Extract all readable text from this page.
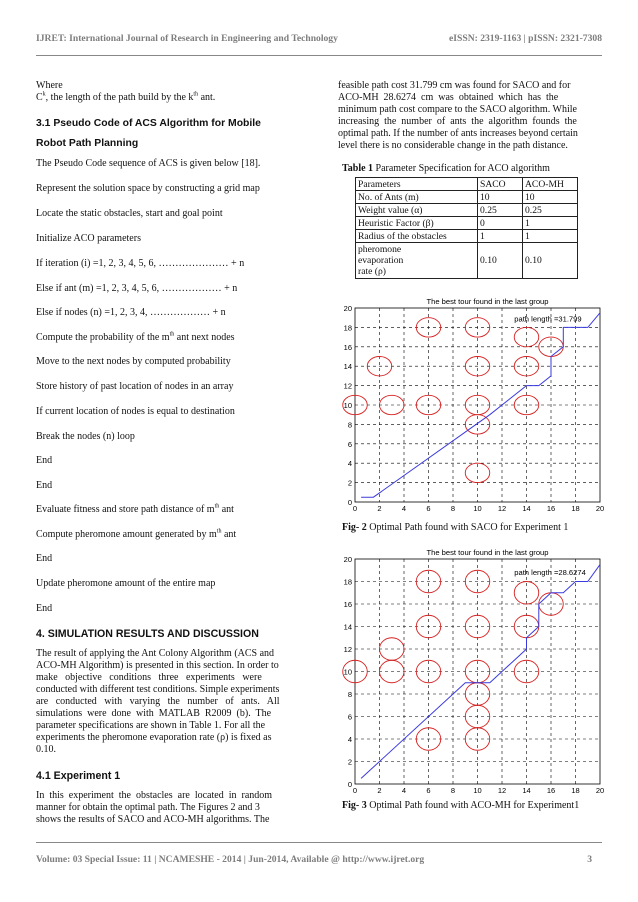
IJRET: International Journal of Research in Engineering and Technology	eISSN: 2319-1163 | pISSN: 2321-7308
Where
$C^k$, the length of the path build by the $k^{th}$ ant.
3.1 Pseudo Code of ACS Algorithm for Mobile
Robot Path Planning
The Pseudo Code sequence of ACS is given below [18].
Represent the solution space by constructing a grid map
Locate the static obstacles, start and goal point
Initialize ACO parameters
If iteration (i) =1, 2, 3, 4, 5, 6, ………………… + n
Else if ant (m) =1, 2, 3, 4, 5, 6, ……………… + n
Else if nodes (n) =1, 2, 3, 4, ……………… + n
Compute the probability of the $m^{th}$ ant next nodes
Move to the next nodes by computed probability
Store history of past location of nodes in an array
If current location of nodes is equal to destination
Break the nodes (n) loop
End
End
Evaluate fitness and store path distance of $m^{th}$ ant
Compute pheromone amount generated by $m^{th}$ ant
End
Update pheromone amount of the entire map
End
4. SIMULATION RESULTS AND DISCUSSION
The result of applying the Ant Colony Algorithm (ACS and
ACO-MH Algorithm) is presented in this section. In order to
make   objective   conditions   three   experiments   were
conducted with different test conditions. Simple experiments
are   conducted   with   varying   the   number   of   ants.   All
simulations  were  done  with  MATLAB  R2009  (b).  The
parameter specifications are shown in Table 1. For all the
experiments the pheromone evaporation rate (ρ) is fixed as
0.10.
4.1 Experiment 1
In  this  experiment  the  obstacles  are  located  in  random
manner for obtain the optimal path. The Figures 2 and 3
shows the results of SACO and ACO-MH algorithms. The
feasible path cost 31.799 cm was found for SACO and for
ACO-MH  28.6274  cm  was  obtained  which  has  the
minimum path cost compare to the SACO algorithm. While
increasing  the  number  of  ants  the  algorithm  founds  the
optimal path. If the number of ants increases beyond certain
level there is no considerable change in the path distance.
Table 1 Parameter Specification for ACO algorithm
Parameters	SACO	ACO-MH
No. of Ants (m)	10	10
Weight value (α)	0.25	0.25
Heuristic Factor (β)	0	1
Radius of the obstacles	1	1

pheromone evaporation
rate (ρ)	0.10	0.10
0	2	4	6	8 10 12 14 16 18 20
0
2
4
6
8
10
12
14
16
18
20
The best tour found in the last group
path length =31.799
Fig- 2 Optimal Path found with SACO for Experiment 1
0	2	4	6	8 10 12 14 16 18 20
0
2
4
6
8
10
12
14
16
18
20
The best tour found in the last group
path length =28.6274
Fig- 3 Optimal Path found with ACO-MH for Experiment1
Volume: 03 Special Issue: 11 | NCAMESHE - 2014 | Jun-2014, Available @ http://www.ijret.org	3
